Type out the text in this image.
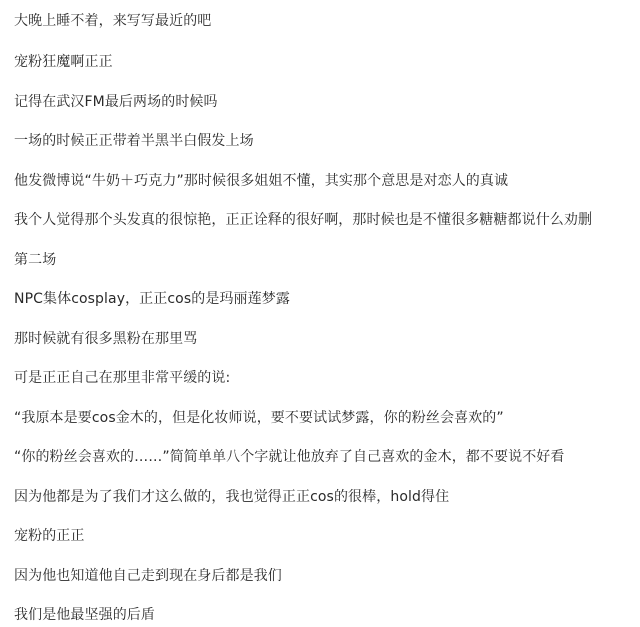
大晚上睡不着，来写写最近的吧
宠粉狂魔啊正正
记得在武汉FM最后两场的时候吗
一场的时候正正带着半黑半白假发上场
他发微博说“牛奶＋巧克力”那时候很多姐姐不懂，其实那个意思是对恋人的真诚
我个人觉得那个头发真的很惊艳，正正诠释的很好啊，那时候也是不懂很多糖糖都说什么劝删
第二场
NPC集体cosplay，正正cos的是玛丽莲梦露
那时候就有很多黑粉在那里骂
可是正正自己在那里非常平缓的说:
“我原本是要cos金木的，但是化妆师说，要不要试试梦露，你的粉丝会喜欢的”
“你的粉丝会喜欢的……”简简单单八个字就让他放弃了自己喜欢的金木，都不要说不好看
因为他都是为了我们才这么做的，我也觉得正正cos的很棒，hold得住
宠粉的正正
因为他也知道他自己走到现在身后都是我们
我们是他最坚强的后盾
